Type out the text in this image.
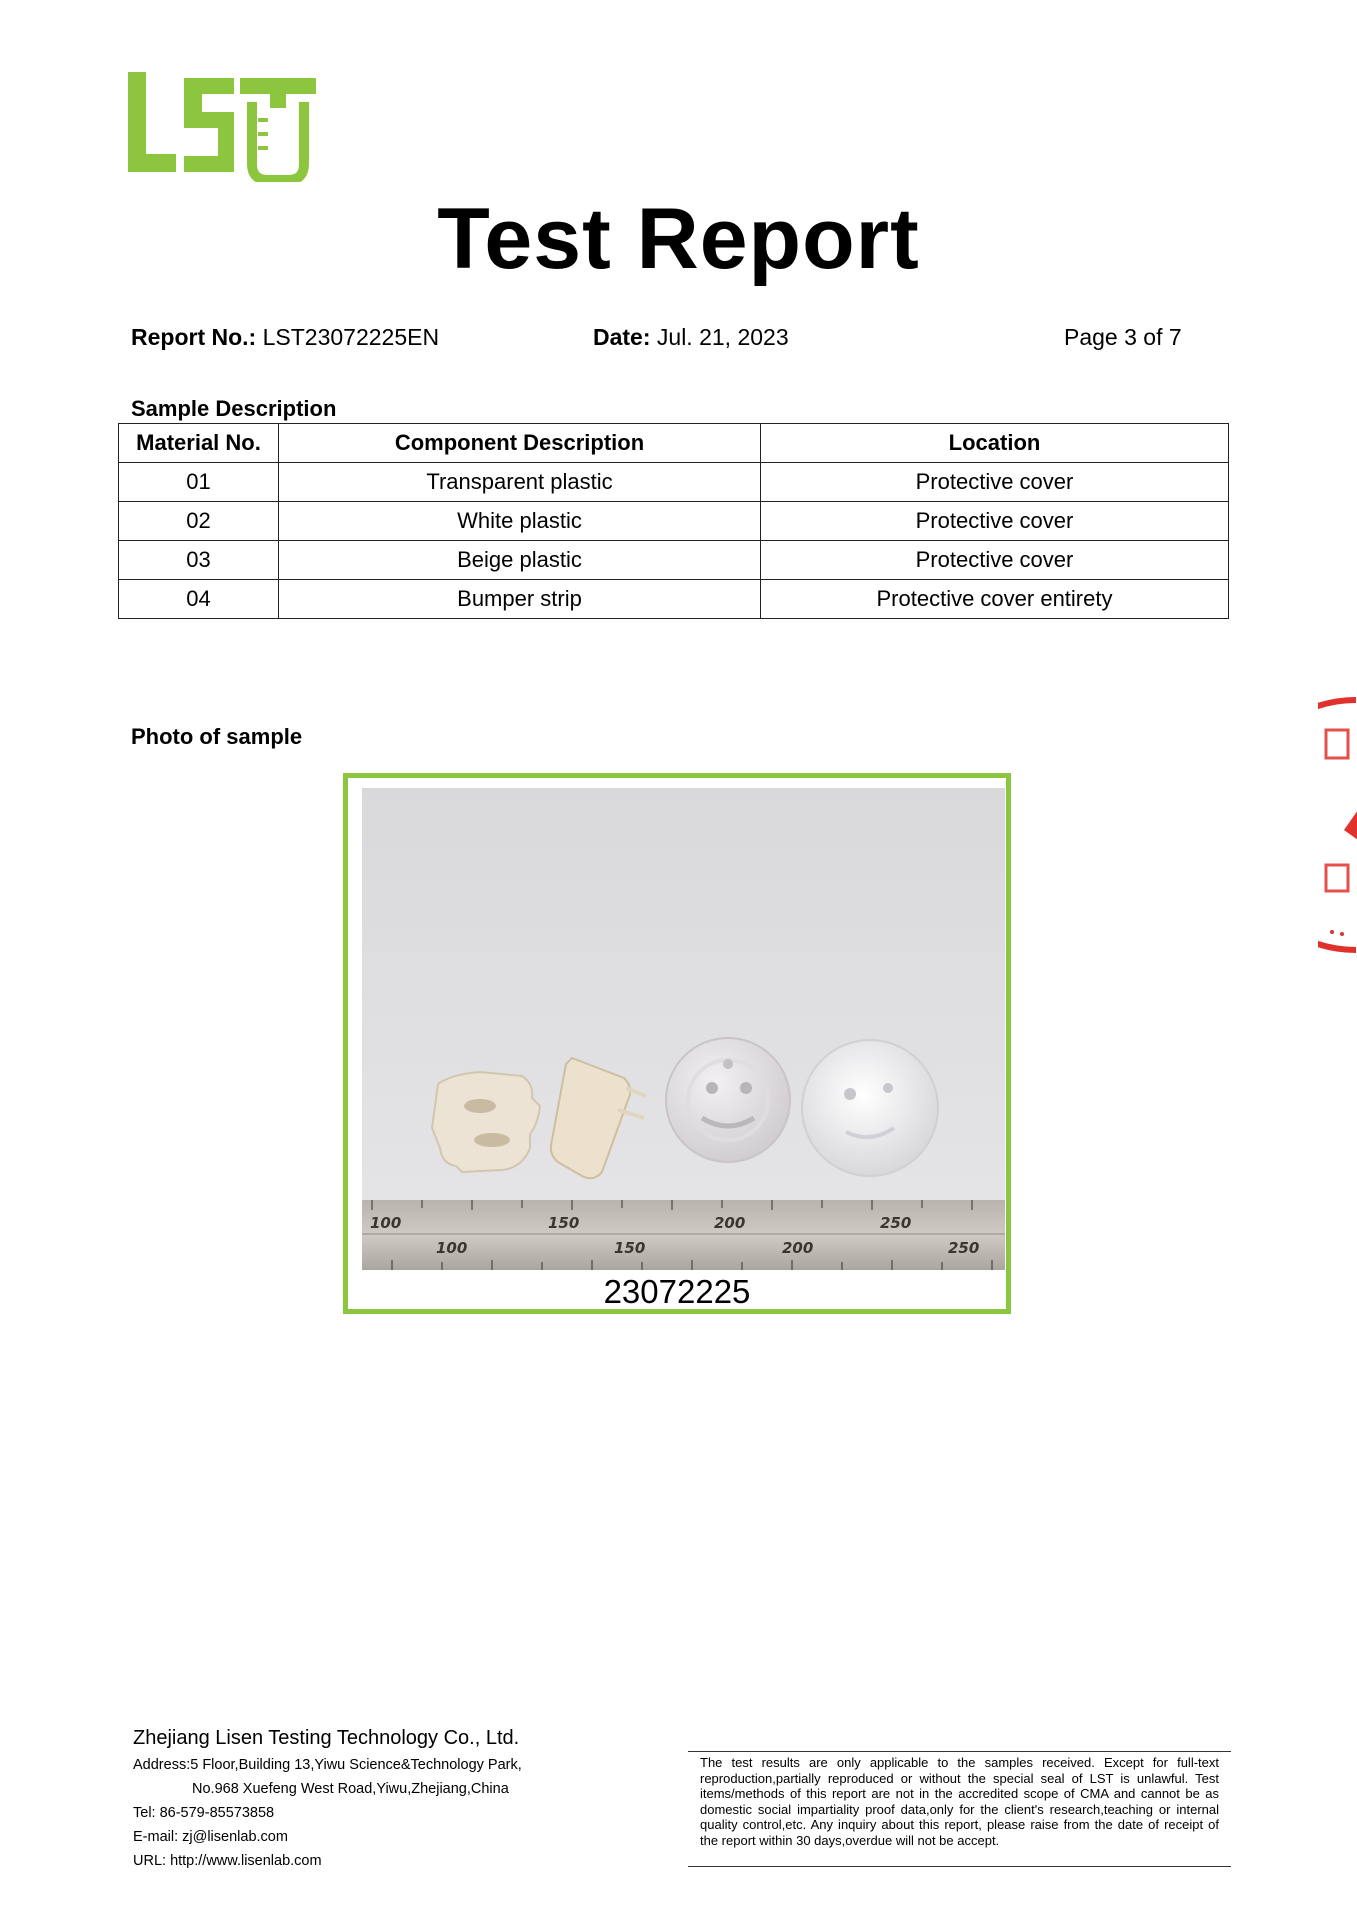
Test Report
Report No.: LST23072225EN	Date: Jul. 21, 2023	Page 3 of 7
Sample Description
Material No.	Component Description	Location
01	Transparent plastic	Protective cover
02	White plastic	Protective cover
03	Beige plastic	Protective cover
04	Bumper strip	Protective cover entirety
Photo of sample
100	150	200	250
100	150	200	250
23072225
Zhejiang Lisen Testing Technology Co., Ltd.
Address:5 Floor,Building 13,Yiwu Science&Technology Park,
No.968 Xuefeng West Road,Yiwu,Zhejiang,China
Tel: 86-579-85573858
E-mail: zj@lisenlab.com
URL: http://www.lisenlab.com
The test results are only applicable to the samples received. Except for full-text reproduction,partially reproduced or without the special seal of LST is unlawful. Test items/methods of this report are not in the accredited scope of CMA and cannot be as domestic social impartiality proof data,only for the client's research,teaching or internal quality control,etc. Any inquiry about this report, please raise from the date of receipt of the report within 30 days,overdue will not be accept.
